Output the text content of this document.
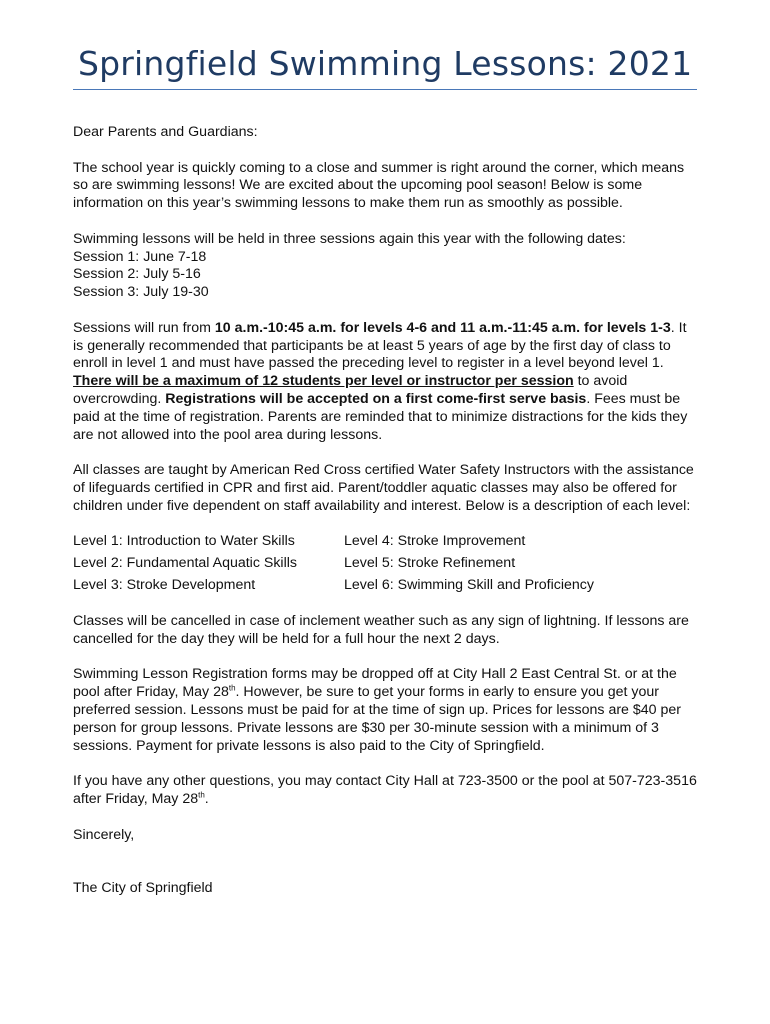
Springfield Swimming Lessons: 2021

Dear Parents and Guardians:

The school year is quickly coming to a close and summer is right around the corner, which means so are swimming lessons! We are excited about the upcoming pool season! Below is some information on this year’s swimming lessons to make them run as smoothly as possible.

Swimming lessons will be held in three sessions again this year with the following dates:
Session 1: June 7-18
Session 2: July 5-16
Session 3: July 19-30

Sessions will run from 10 a.m.-10:45 a.m. for levels 4-6 and 11 a.m.-11:45 a.m. for levels 1-3. It is generally recommended that participants be at least 5 years of age by the first day of class to enroll in level 1 and must have passed the preceding level to register in a level beyond level 1. There will be a maximum of 12 students per level or instructor per session to avoid overcrowding. Registrations will be accepted on a first come-first serve basis. Fees must be paid at the time of registration. Parents are reminded that to minimize distractions for the kids they are not allowed into the pool area during lessons.

All classes are taught by American Red Cross certified Water Safety Instructors with the assistance of lifeguards certified in CPR and first aid. Parent/toddler aquatic classes may also be offered for children under five dependent on staff availability and interest. Below is a description of each level:

Level 1: Introduction to Water Skills	Level 4: Stroke Improvement
Level 2: Fundamental Aquatic Skills	Level 5: Stroke Refinement
Level 3: Stroke Development	Level 6: Swimming Skill and Proficiency

Classes will be cancelled in case of inclement weather such as any sign of lightning. If lessons are cancelled for the day they will be held for a full hour the next 2 days.

Swimming Lesson Registration forms may be dropped off at City Hall 2 East Central St. or at the pool after Friday, May 28th. However, be sure to get your forms in early to ensure you get your preferred session. Lessons must be paid for at the time of sign up. Prices for lessons are $40 per person for group lessons. Private lessons are $30 per 30-minute session with a minimum of 3 sessions. Payment for private lessons is also paid to the City of Springfield.

If you have any other questions, you may contact City Hall at 723-3500 or the pool at 507-723-3516 after Friday, May 28th.

Sincerely,

The City of Springfield
